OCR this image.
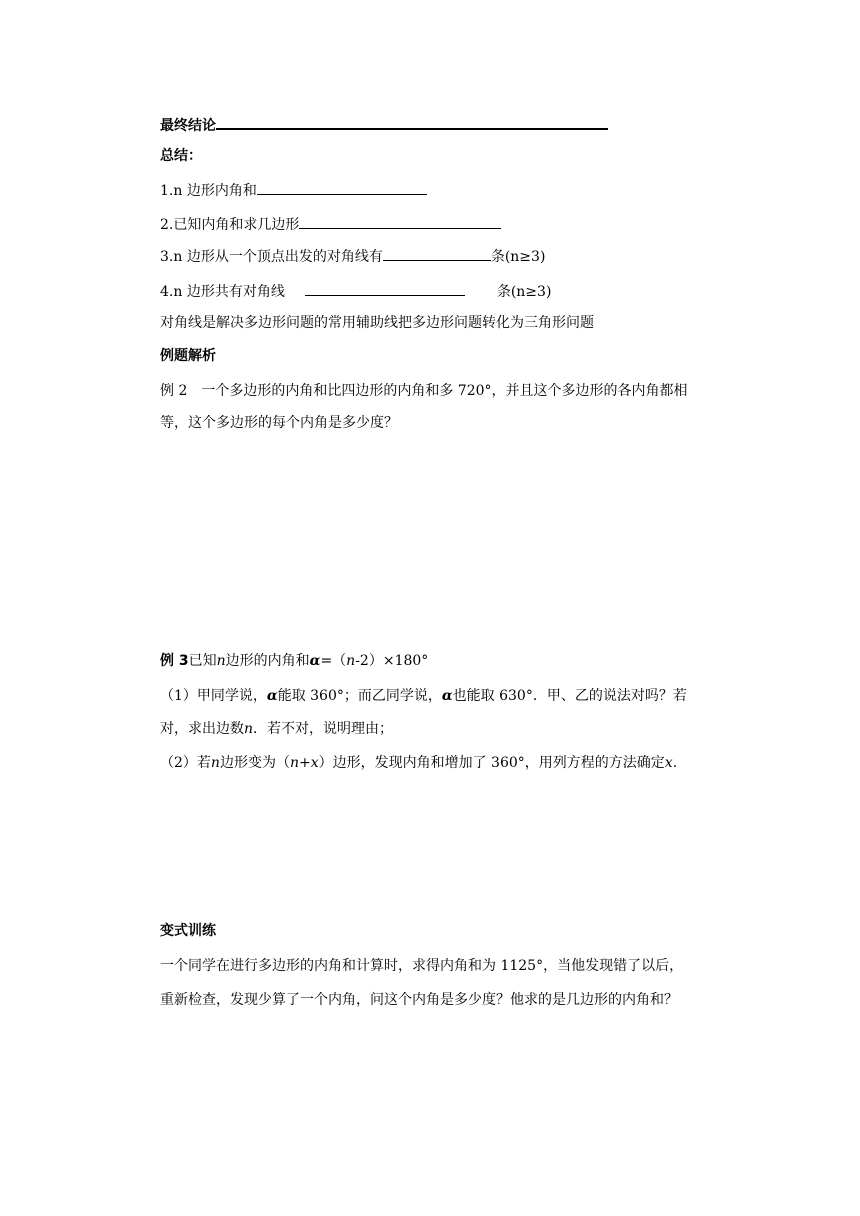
最终结论
总结：
1.n 边形内角和
2.已知内角和求几边形
3.n 边形从一个顶点出发的对角线有	条(n≥3)
4.n 边形共有对角线	条(n≥3)
对角线是解决多边形问题的常用辅助线把多边形问题转化为三角形问题
例题解析
例 2　一个多边形的内角和比四边形的内角和多 720°，并且这个多边形的各内角都相
等，这个多边形的每个内角是多少度？
例 3已知n边形的内角和α=（n-2）×180°
（1）甲同学说，α能取 360°；而乙同学说，α也能取 630°．甲、乙的说法对吗？若
对，求出边数n．若不对，说明理由；
（2）若n边形变为（n+x）边形，发现内角和增加了 360°，用列方程的方法确定x.
变式训练
一个同学在进行多边形的内角和计算时，求得内角和为 1125°，当他发现错了以后，
重新检查，发现少算了一个内角，问这个内角是多少度？他求的是几边形的内角和？
